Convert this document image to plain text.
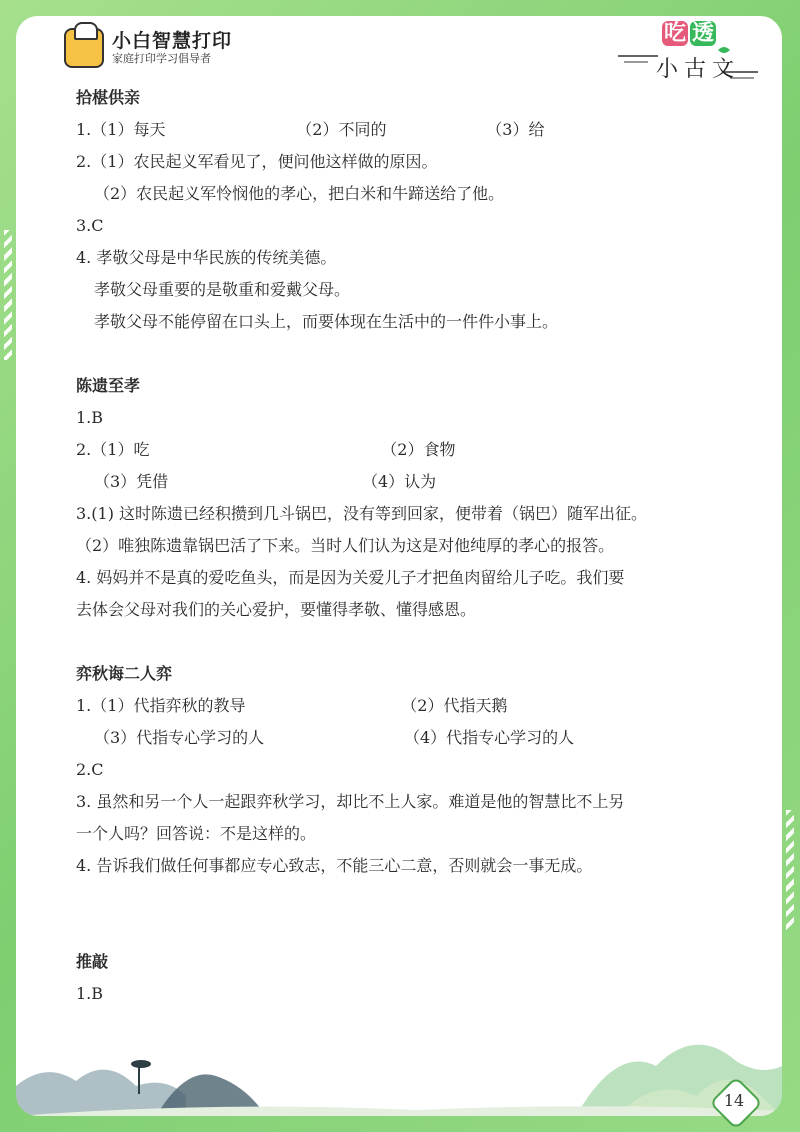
小白智慧打印
家庭打印学习倡导者
吃 透
小古文
拾椹供亲
1.（1）每天	（2）不同的	（3）给
2.（1）农民起义军看见了，便问他这样做的原因。
（2）农民起义军怜悯他的孝心，把白米和牛蹄送给了他。
3.C
4. 孝敬父母是中华民族的传统美德。
孝敬父母重要的是敬重和爱戴父母。
孝敬父母不能停留在口头上，而要体现在生活中的一件件小事上。
陈遗至孝
1.B
2.（1）吃	（2）食物
（3）凭借	（4）认为
3.(1) 这时陈遗已经积攒到几斗锅巴，没有等到回家，便带着（锅巴）随军出征。
（2）唯独陈遗靠锅巴活了下来。当时人们认为这是对他纯厚的孝心的报答。
4. 妈妈并不是真的爱吃鱼头，而是因为关爱儿子才把鱼肉留给儿子吃。我们要
去体会父母对我们的关心爱护，要懂得孝敬、懂得感恩。
弈秋诲二人弈
1.（1）代指弈秋的教导	（2）代指天鹅
（3）代指专心学习的人	（4）代指专心学习的人
2.C
3. 虽然和另一个人一起跟弈秋学习，却比不上人家。难道是他的智慧比不上另
一个人吗？回答说：不是这样的。
4. 告诉我们做任何事都应专心致志，不能三心二意，否则就会一事无成。
推敲
1.B
14
